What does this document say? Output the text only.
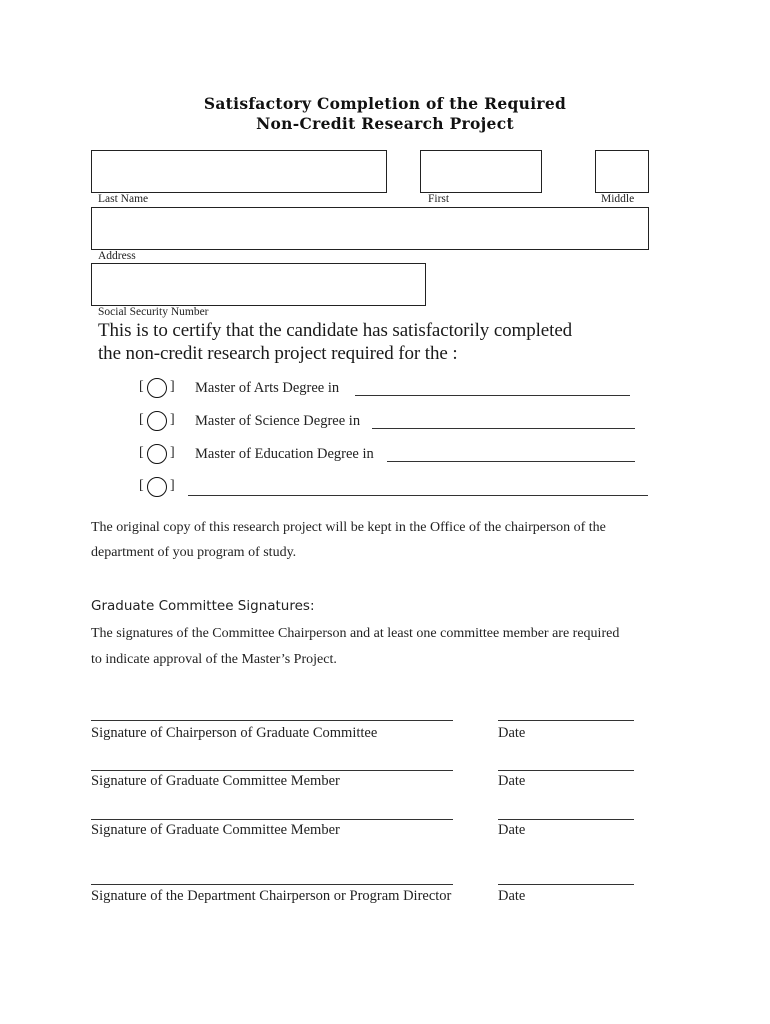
Satisfactory Completion of the Required
Non-Credit Research Project
Last Name	First	Middle
Address
Social Security Number
This is to certify that the candidate has satisfactorily completed
the non-credit research project required for the :
[ ] Master of Arts Degree in
[ ] Master of Science Degree in
[ ] Master of Education Degree in
[ ]
The original copy of this research project will be kept in the Office of the chairperson of the
department of you program of study.
Graduate Committee Signatures:
The signatures of the Committee Chairperson and at least one committee member are required
to indicate approval of the Master’s Project.
Signature of Chairperson of Graduate Committee	Date
Signature of Graduate Committee Member	Date
Signature of Graduate Committee Member	Date
Signature of the Department Chairperson or Program Director	Date
